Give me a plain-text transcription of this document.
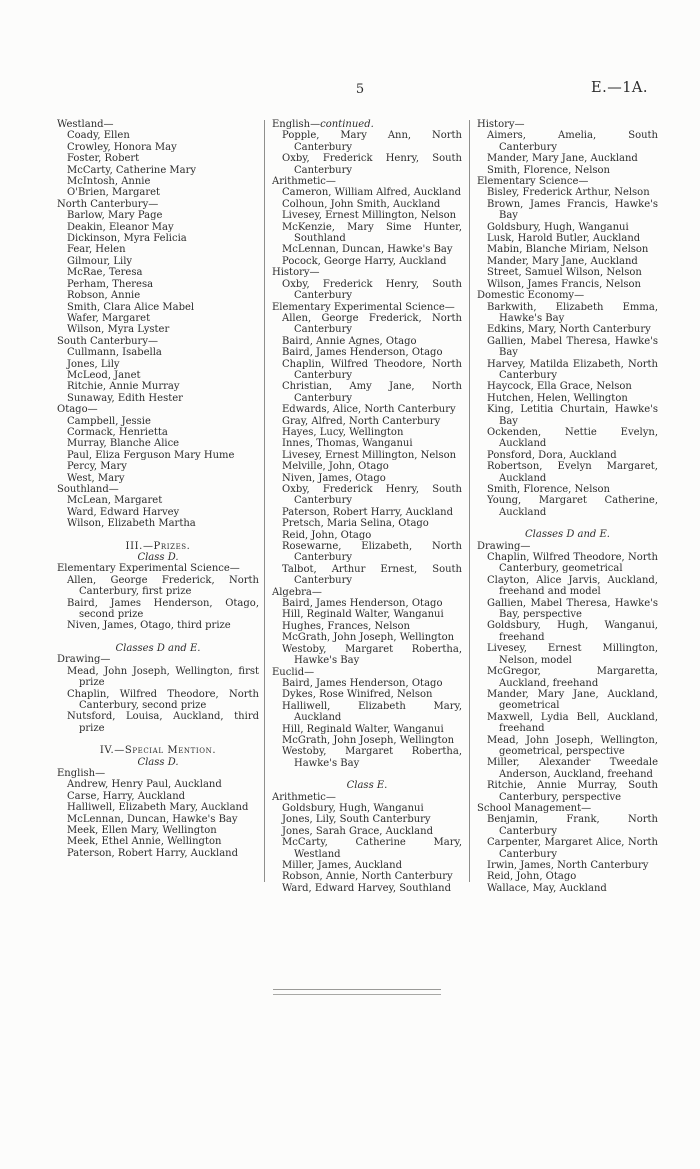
5	E.—1A.
Westland—
Coady, Ellen
Crowley, Honora May
Foster, Robert
McCarty, Catherine Mary
McIntosh, Annie
O'Brien, Margaret
North Canterbury—
Barlow, Mary Page
Deakin, Eleanor May
Dickinson, Myra Felicia
Fear, Helen
Gilmour, Lily
McRae, Teresa
Perham, Theresa
Robson, Annie
Smith, Clara Alice Mabel
Wafer, Margaret
Wilson, Myra Lyster
South Canterbury—
Cullmann, Isabella
Jones, Lily
McLeod, Janet
Ritchie, Annie Murray
Sunaway, Edith Hester
Otago—
Campbell, Jessie
Cormack, Henrietta
Murray, Blanche Alice
Paul, Eliza Ferguson Mary Hume
Percy, Mary
West, Mary
Southland—
McLean, Margaret
Ward, Edward Harvey
Wilson, Elizabeth Martha
III.—Prizes.
Class D.
Elementary Experimental Science—
Allen, George Frederick, North Canterbury, first prize
Baird, James Henderson, Otago, second prize
Niven, James, Otago, third prize
Classes D and E.
Drawing—
Mead, John Joseph, Wellington, first prize
Chaplin, Wilfred Theodore, North Canterbury, second prize
Nutsford, Louisa, Auckland, third prize
IV.—Special Mention.
Class D.
English—
Andrew, Henry Paul, Auckland
Carse, Harry, Auckland
Halliwell, Elizabeth Mary, Auckland
McLennan, Duncan, Hawke's Bay
Meek, Ellen Mary, Wellington
Meek, Ethel Annie, Wellington
Paterson, Robert Harry, Auckland
English—continued.
Popple, Mary Ann, North Canterbury
Oxby, Frederick Henry, South Canterbury
Arithmetic—
Cameron, William Alfred, Auckland
Colhoun, John Smith, Auckland
Livesey, Ernest Millington, Nelson
McKenzie, Mary Sime Hunter, Southland
McLennan, Duncan, Hawke's Bay
Pocock, George Harry, Auckland
History—
Oxby, Frederick Henry, South Canterbury
Elementary Experimental Science—
Allen, George Frederick, North Canterbury
Baird, Annie Agnes, Otago
Baird, James Henderson, Otago
Chaplin, Wilfred Theodore, North Canterbury
Christian, Amy Jane, North Canterbury
Edwards, Alice, North Canterbury
Gray, Alfred, North Canterbury
Hayes, Lucy, Wellington
Innes, Thomas, Wanganui
Livesey, Ernest Millington, Nelson
Melville, John, Otago
Niven, James, Otago
Oxby, Frederick Henry, South Canterbury
Paterson, Robert Harry, Auckland
Pretsch, Maria Selina, Otago
Reid, John, Otago
Rosewarne, Elizabeth, North Canterbury
Talbot, Arthur Ernest, South Canterbury
Algebra—
Baird, James Henderson, Otago
Hill, Reginald Walter, Wanganui
Hughes, Frances, Nelson
McGrath, John Joseph, Wellington
Westoby, Margaret Robertha, Hawke's Bay
Euclid—
Baird, James Henderson, Otago
Dykes, Rose Winifred, Nelson
Halliwell, Elizabeth Mary, Auckland
Hill, Reginald Walter, Wanganui
McGrath, John Joseph, Wellington
Westoby, Margaret Robertha, Hawke's Bay
Class E.
Arithmetic—
Goldsbury, Hugh, Wanganui
Jones, Lily, South Canterbury
Jones, Sarah Grace, Auckland
McCarty, Catherine Mary, Westland
Miller, James, Auckland
Robson, Annie, North Canterbury
Ward, Edward Harvey, Southland
History—
Aimers, Amelia, South Canterbury
Mander, Mary Jane, Auckland
Smith, Florence, Nelson
Elementary Science—
Bisley, Frederick Arthur, Nelson
Brown, James Francis, Hawke's Bay
Goldsbury, Hugh, Wanganui
Lusk, Harold Butler, Auckland
Mabin, Blanche Miriam, Nelson
Mander, Mary Jane, Auckland
Street, Samuel Wilson, Nelson
Wilson, James Francis, Nelson
Domestic Economy—
Barkwith, Elizabeth Emma, Hawke's Bay
Edkins, Mary, North Canterbury
Gallien, Mabel Theresa, Hawke's Bay
Harvey, Matilda Elizabeth, North Canterbury
Haycock, Ella Grace, Nelson
Hutchen, Helen, Wellington
King, Letitia Churtain, Hawke's Bay
Ockenden, Nettie Evelyn, Auckland
Ponsford, Dora, Auckland
Robertson, Evelyn Margaret, Auckland
Smith, Florence, Nelson
Young, Margaret Catherine, Auckland
Classes D and E.
Drawing—
Chaplin, Wilfred Theodore, North Canterbury, geometrical
Clayton, Alice Jarvis, Auckland, freehand and model
Gallien, Mabel Theresa, Hawke's Bay, perspective
Goldsbury, Hugh, Wanganui, freehand
Livesey, Ernest Millington, Nelson, model
McGregor, Margaretta, Auckland, freehand
Mander, Mary Jane, Auckland, geometrical
Maxwell, Lydia Bell, Auckland, freehand
Mead, John Joseph, Wellington, geometrical, perspective
Miller, Alexander Tweedale Anderson, Auckland, freehand
Ritchie, Annie Murray, South Canterbury, perspective
School Management—
Benjamin, Frank, North Canterbury
Carpenter, Margaret Alice, North Canterbury
Irwin, James, North Canterbury
Reid, John, Otago
Wallace, May, Auckland
